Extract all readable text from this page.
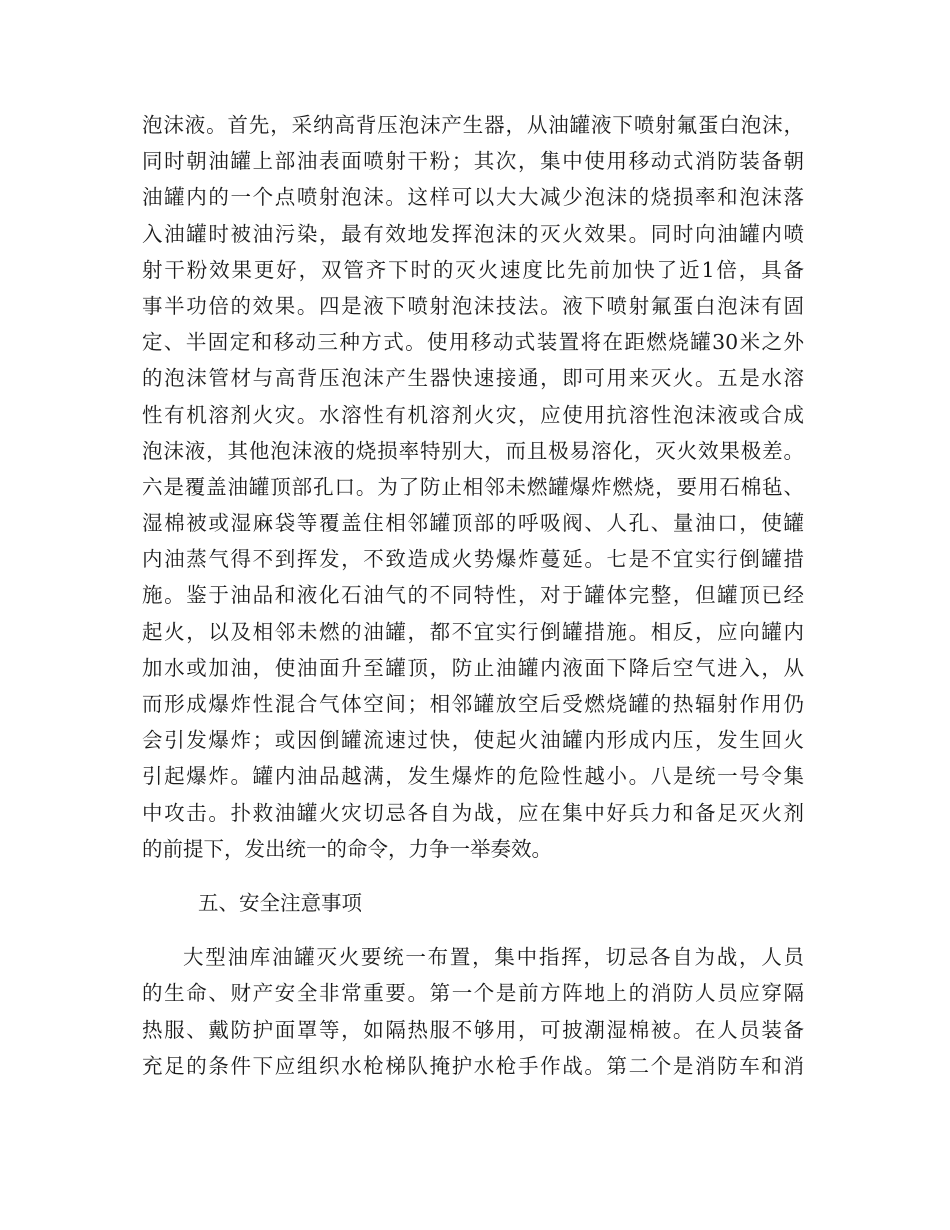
泡沫液。首先，采纳高背压泡沫产生器，从油罐液下喷射氟蛋白泡沫，
同时朝油罐上部油表面喷射干粉；其次，集中使用移动式消防装备朝
油罐内的一个点喷射泡沫。这样可以大大减少泡沫的烧损率和泡沫落
入油罐时被油污染，最有效地发挥泡沫的灭火效果。同时向油罐内喷
射干粉效果更好，双管齐下时的灭火速度比先前加快了近1倍，具备
事半功倍的效果。四是液下喷射泡沫技法。液下喷射氟蛋白泡沫有固
定、半固定和移动三种方式。使用移动式装置将在距燃烧罐30米之外
的泡沫管材与高背压泡沫产生器快速接通，即可用来灭火。五是水溶
性有机溶剂火灾。水溶性有机溶剂火灾，应使用抗溶性泡沫液或合成
泡沫液，其他泡沫液的烧损率特别大，而且极易溶化，灭火效果极差。
六是覆盖油罐顶部孔口。为了防止相邻未燃罐爆炸燃烧，要用石棉毡、
湿棉被或湿麻袋等覆盖住相邻罐顶部的呼吸阀、人孔、量油口，使罐
内油蒸气得不到挥发，不致造成火势爆炸蔓延。七是不宜实行倒罐措
施。鉴于油品和液化石油气的不同特性，对于罐体完整，但罐顶已经
起火，以及相邻未燃的油罐，都不宜实行倒罐措施。相反，应向罐内
加水或加油，使油面升至罐顶，防止油罐内液面下降后空气进入，从
而形成爆炸性混合气体空间；相邻罐放空后受燃烧罐的热辐射作用仍
会引发爆炸；或因倒罐流速过快，使起火油罐内形成内压，发生回火
引起爆炸。罐内油品越满，发生爆炸的危险性越小。八是统一号令集
中攻击。扑救油罐火灾切忌各自为战，应在集中好兵力和备足灭火剂
的前提下，发出统一的命令，力争一举奏效。
五、安全注意事项
大型油库油罐灭火要统一布置，集中指挥，切忌各自为战，人员
的生命、财产安全非常重要。第一个是前方阵地上的消防人员应穿隔
热服、戴防护面罩等，如隔热服不够用，可披潮湿棉被。在人员装备
充足的条件下应组织水枪梯队掩护水枪手作战。第二个是消防车和消
